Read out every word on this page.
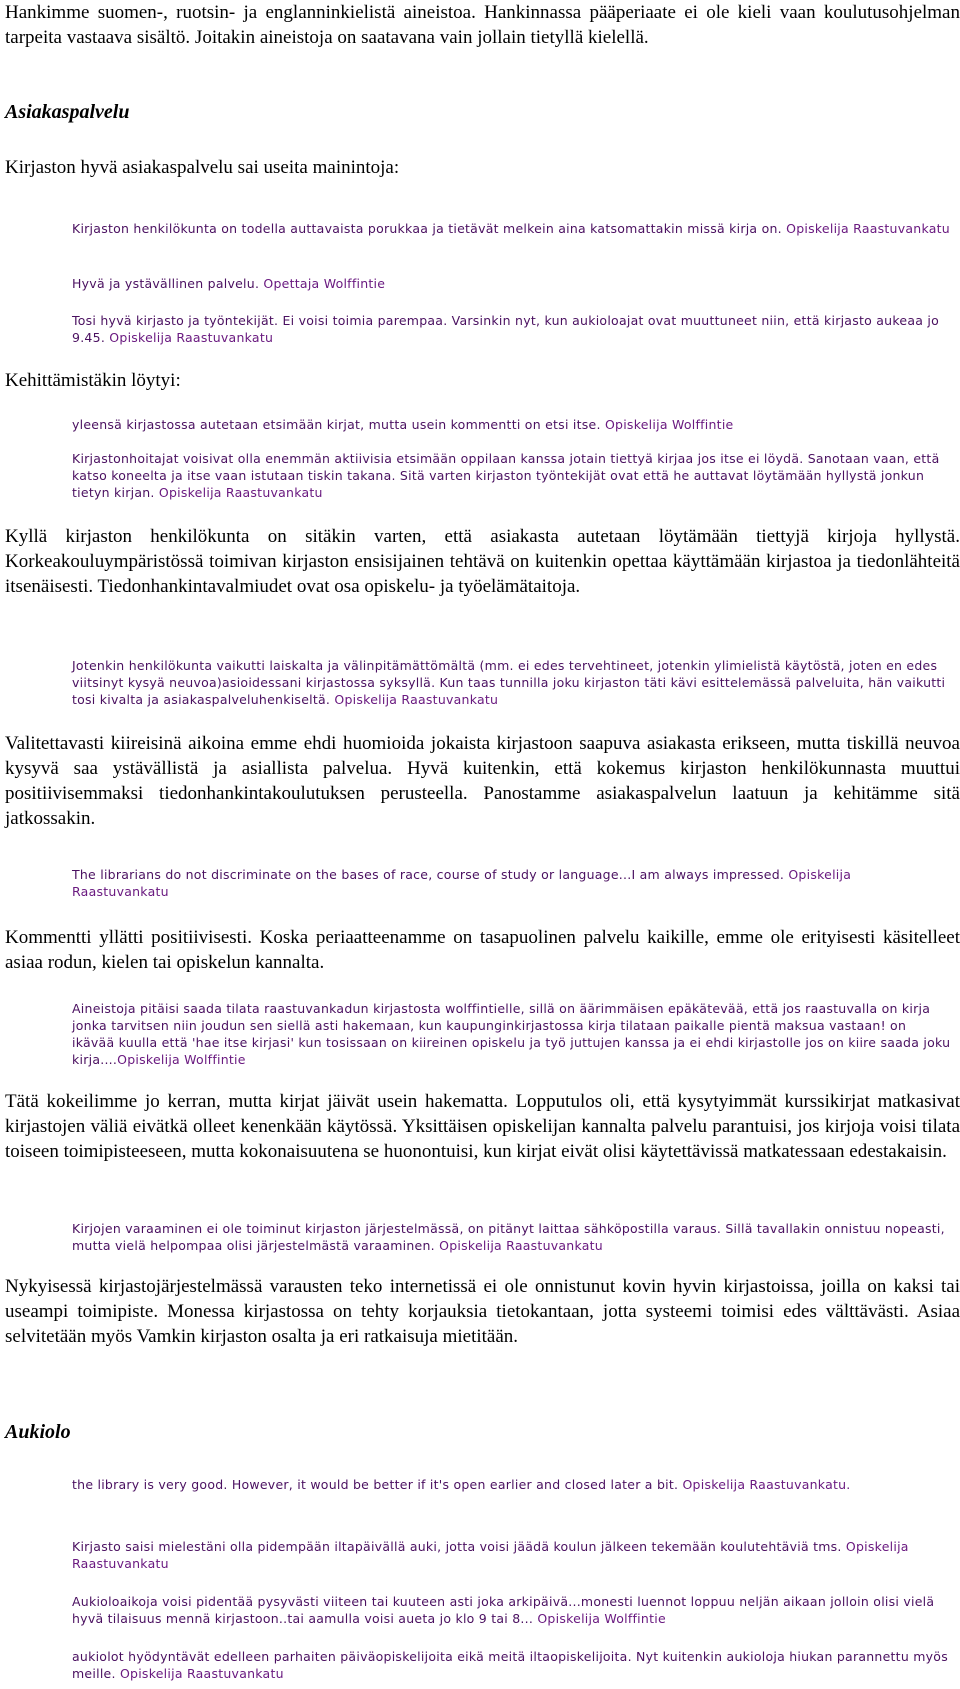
Hankimme suomen-, ruotsin- ja englanninkielistä aineistoa. Hankinnassa pääperiaate ei ole kieli vaan koulutusohjelman tarpeita vastaava sisältö. Joitakin aineistoja on saatavana vain jollain tietyllä kielellä.

Asiakaspalvelu

Kirjaston hyvä asiakaspalvelu sai useita mainintoja:

Kirjaston henkilökunta on todella auttavaista porukkaa ja tietävät melkein aina katsomattakin missä kirja on. Opiskelija Raastuvankatu

Hyvä ja ystävällinen palvelu. Opettaja Wolffintie

Tosi hyvä kirjasto ja työntekijät. Ei voisi toimia parempaa. Varsinkin nyt, kun aukioloajat ovat muuttuneet niin, että kirjasto aukeaa jo 9.45. Opiskelija Raastuvankatu

Kehittämistäkin löytyi:

yleensä kirjastossa autetaan etsimään kirjat, mutta usein kommentti on etsi itse. Opiskelija Wolffintie

Kirjastonhoitajat voisivat olla enemmän aktiivisia etsimään oppilaan kanssa jotain tiettyä kirjaa jos itse ei löydä. Sanotaan vaan, että katso koneelta ja itse vaan istutaan tiskin takana. Sitä varten kirjaston työntekijät ovat että he auttavat löytämään hyllystä jonkun tietyn kirjan. Opiskelija Raastuvankatu

Kyllä kirjaston henkilökunta on sitäkin varten, että asiakasta autetaan löytämään tiettyjä kirjoja hyllystä. Korkeakouluympäristössä toimivan kirjaston ensisijainen tehtävä on kuitenkin opettaa käyttämään kirjastoa ja tiedonlähteitä itsenäisesti. Tiedonhankintavalmiudet ovat osa opiskelu- ja työelämätaitoja.

Jotenkin henkilökunta vaikutti laiskalta ja välinpitämättömältä (mm. ei edes tervehtineet, jotenkin ylimielistä käytöstä, joten en edes viitsinyt kysyä neuvoa)asioidessani kirjastossa syksyllä. Kun taas tunnilla joku kirjaston täti kävi esittelemässä palveluita, hän vaikutti tosi kivalta ja asiakaspalveluhenkiseltä. Opiskelija Raastuvankatu

Valitettavasti kiireisinä aikoina emme ehdi huomioida jokaista kirjastoon saapuva asiakasta erikseen, mutta tiskillä neuvoa kysyvä saa ystävällistä ja asiallista palvelua. Hyvä kuitenkin, että kokemus kirjaston henkilökunnasta muuttui positiivisemmaksi tiedonhankintakoulutuksen perusteella. Panostamme asiakaspalvelun laatuun ja kehitämme sitä jatkossakin.

The librarians do not discriminate on the bases of race, course of study or language...I am always impressed. Opiskelija Raastuvankatu

Kommentti yllätti positiivisesti. Koska periaatteenamme on tasapuolinen palvelu kaikille, emme ole erityisesti käsitelleet asiaa rodun, kielen tai opiskelun kannalta.

Aineistoja pitäisi saada tilata raastuvankadun kirjastosta wolffintielle, sillä on äärimmäisen epäkätevää, että jos raastuvalla on kirja jonka tarvitsen niin joudun sen siellä asti hakemaan, kun kaupunginkirjastossa kirja tilataan paikalle pientä maksua vastaan! on ikävää kuulla että 'hae itse kirjasi' kun tosissaan on kiireinen opiskelu ja työ juttujen kanssa ja ei ehdi kirjastolle jos on kiire saada joku kirja....Opiskelija Wolffintie

Tätä kokeilimme jo kerran, mutta kirjat jäivät usein hakematta. Lopputulos oli, että kysytyimmät kurssikirjat matkasivat kirjastojen väliä eivätkä olleet kenenkään käytössä. Yksittäisen opiskelijan kannalta palvelu parantuisi, jos kirjoja voisi tilata toiseen toimipisteeseen, mutta kokonaisuutena se huonontuisi, kun kirjat eivät olisi käytettävissä matkatessaan edestakaisin.

Kirjojen varaaminen ei ole toiminut kirjaston järjestelmässä, on pitänyt laittaa sähköpostilla varaus. Sillä tavallakin onnistuu nopeasti, mutta vielä helpompaa olisi järjestelmästä varaaminen. Opiskelija Raastuvankatu

Nykyisessä kirjastojärjestelmässä varausten teko internetissä ei ole onnistunut kovin hyvin kirjastoissa, joilla on kaksi tai useampi toimipiste. Monessa kirjastossa on tehty korjauksia tietokantaan, jotta systeemi toimisi edes välttävästi. Asiaa selvitetään myös Vamkin kirjaston osalta ja eri ratkaisuja mietitään.

Aukiolo

the library is very good. However, it would be better if it's open earlier and closed later a bit. Opiskelija Raastuvankatu.

Kirjasto saisi mielestäni olla pidempään iltapäivällä auki, jotta voisi jäädä koulun jälkeen tekemään koulutehtäviä tms. Opiskelija Raastuvankatu

Aukioloaikoja voisi pidentää pysyvästi viiteen tai kuuteen asti joka arkipäivä...monesti luennot loppuu neljän aikaan jolloin olisi vielä hyvä tilaisuus mennä kirjastoon..tai aamulla voisi aueta jo klo 9 tai 8... Opiskelija Wolffintie

aukiolot hyödyntävät edelleen parhaiten päiväopiskelijoita eikä meitä iltaopiskelijoita. Nyt kuitenkin aukioloja hiukan parannettu myös meille. Opiskelija Raastuvankatu
